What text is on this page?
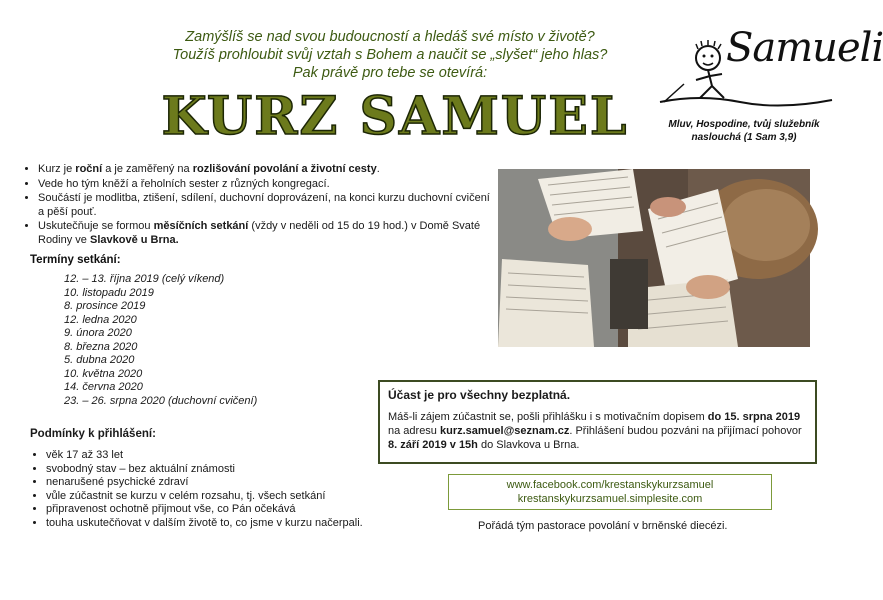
Zamýšlíš se nad svou budoucností a hledáš své místo v životě?
Toužíš prohloubit svůj vztah s Bohem a naučit se „slyšet“ jeho hlas?
Pak právě pro tebe se otevírá:
KURZ SAMUEL
Samueli
Mluv, Hospodine, tvůj služebník naslouchá (1 Sam 3,9)
• Kurz je roční a je zaměřený na rozlišování povolání a životní cesty.
• Vede ho tým kněží a řeholních sester z různých kongregací.
• Součástí je modlitba, ztišení, sdílení, duchovní doprovázení, na konci kurzu duchovní cvičení a pěší pouť.
• Uskutečňuje se formou měsíčních setkání (vždy v neděli od 15 do 19 hod.) v Domě Svaté Rodiny ve Slavkově u Brna.
Termíny setkání:
12. – 13. října 2019 (celý víkend)
10. listopadu 2019
8. prosince 2019
12. ledna 2020
9. února 2020
8. března 2020
5. dubna 2020
10. května 2020
14. června 2020
23. – 26. srpna 2020 (duchovní cvičení)
Podmínky k přihlášení:
• věk 17 až 33 let
• svobodný stav – bez aktuální známosti
• nenarušené psychické zdraví
• vůle zúčastnit se kurzu v celém rozsahu, tj. všech setkání
• připravenost ochotně přijmout vše, co Pán očekává
• touha uskutečňovat v dalším životě to, co jsme v kurzu načerpali.
Účast je pro všechny bezplatná.
Máš-li zájem zúčastnit se, pošli přihlášku i s motivačním dopisem do 15. srpna 2019 na adresu kurz.samuel@seznam.cz. Přihlášení budou pozváni na přijímací pohovor 8. září 2019 v 15h do Slavkova u Brna.
www.facebook.com/krestanskykurzsamuel
krestanskykurzsamuel.simplesite.com
Pořádá tým pastorace povolání v brněnské diecézi.
